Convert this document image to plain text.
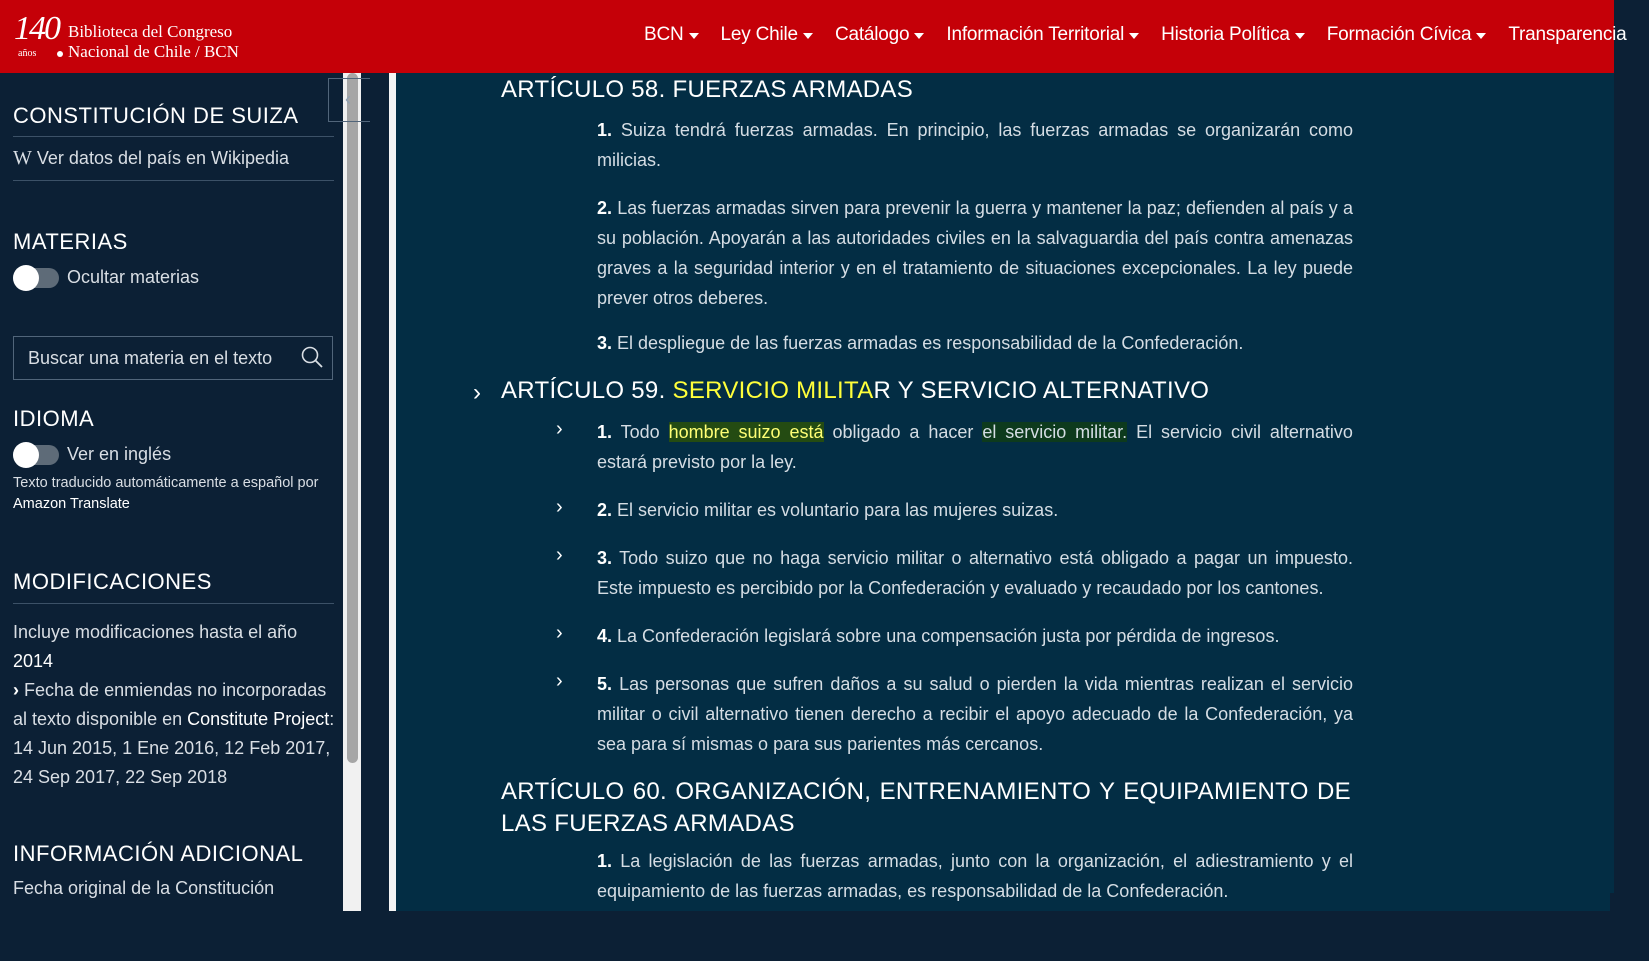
140
años
Biblioteca del Congreso
Nacional de Chile / BCN
BCN Ley Chile Catálogo Información Territorial Historia Política Formación Cívica Transparencia
CONSTITUCIÓN DE SUIZA
W Ver datos del país en Wikipedia
MATERIAS
Ocultar materias
Buscar una materia en el texto
IDIOMA
Ver en inglés
Texto traducido automáticamente a español por
Amazon Translate
MODIFICACIONES
Incluye modificaciones hasta el año
2014
› Fecha de enmiendas no incorporadas
al texto disponible en Constitute Project:
14 Jun 2015, 1 Ene 2016, 12 Feb 2017,
24 Sep 2017, 22 Sep 2018
INFORMACIÓN ADICIONAL
Fecha original de la Constitución
‹	ARTÍCULO 58. FUERZAS ARMADAS
1. Suiza tendrá fuerzas armadas. En principio, las fuerzas armadas se organizarán como milicias.
2. Las fuerzas armadas sirven para prevenir la guerra y mantener la paz; defienden al país y a su población. Apoyarán a las autoridades civiles en la salvaguardia del país contra amenazas graves a la seguridad interior y en el tratamiento de situaciones excepcionales. La ley puede prever otros deberes.
3. El despliegue de las fuerzas armadas es responsabilidad de la Confederación.
› ARTÍCULO 59. SERVICIO MILITAR Y SERVICIO ALTERNATIVO
› 1. Todo hombre suizo está obligado a hacer el servicio militar. El servicio civil alternativo estará previsto por la ley.
› 2. El servicio militar es voluntario para las mujeres suizas.
› 3. Todo suizo que no haga servicio militar o alternativo está obligado a pagar un impuesto. Este impuesto es percibido por la Confederación y evaluado y recaudado por los cantones.
› 4. La Confederación legislará sobre una compensación justa por pérdida de ingresos.
› 5. Las personas que sufren daños a su salud o pierden la vida mientras realizan el servicio militar o civil alternativo tienen derecho a recibir el apoyo adecuado de la Confederación, ya sea para sí mismas o para sus parientes más cercanos.
ARTÍCULO 60. ORGANIZACIÓN, ENTRENAMIENTO Y EQUIPAMIENTO DE LAS FUERZAS ARMADAS
1. La legislación de las fuerzas armadas, junto con la organización, el adiestramiento y el equipamiento de las fuerzas armadas, es responsabilidad de la Confederación.
